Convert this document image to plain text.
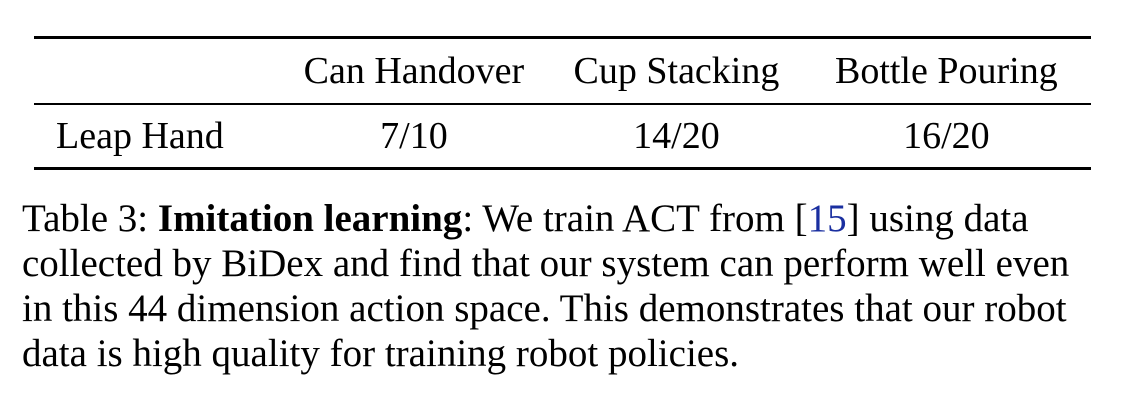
	Can Handover	Cup Stacking	Bottle Pouring
Leap Hand	7/10	14/20	16/20
Table 3: Imitation learning: We train ACT from [15] using data
collected by BiDex and find that our system can perform well even
in this 44 dimension action space. This demonstrates that our robot
data is high quality for training robot policies.
